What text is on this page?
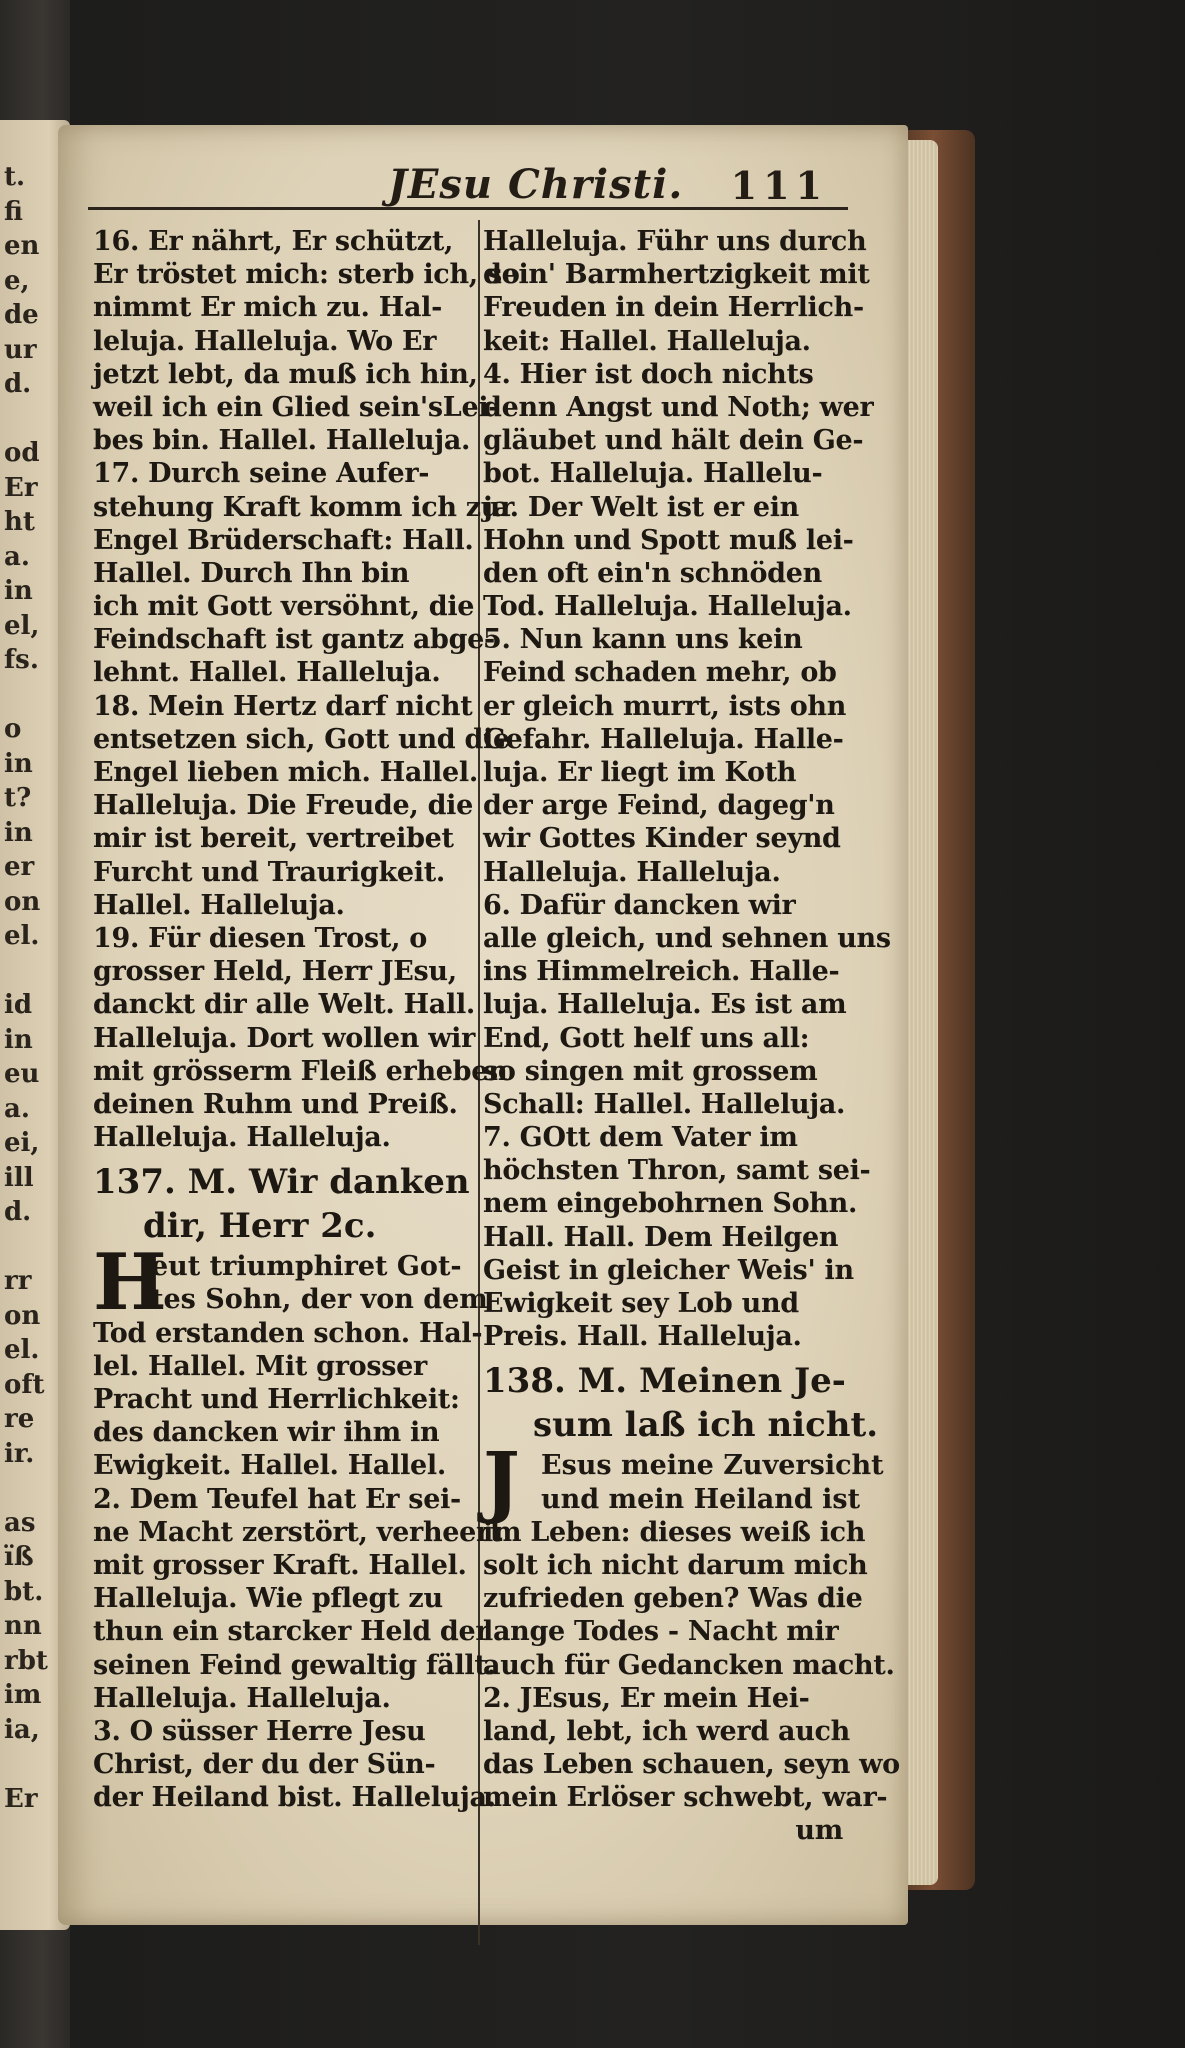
t.
fi
en
e,
de
ur
d.
od
Er
ht
a.
in
el,
fs.
o
in
t?
in
er
on
el.
id
in
eu
a.
ei,
ill
d.
rr
on
el.
oft
re
ir.
as
ïß
bt.
nn
rbt
im
ia,
Er
JEsu Christi. 111
16. Er nährt, Er schützt,
Er tröstet mich: sterb ich, so
nimmt Er mich zu. Hal-
leluja. Halleluja. Wo Er
jetzt lebt, da muß ich hin,
weil ich ein Glied sein'sLei-
bes bin. Hallel. Halleluja.
17. Durch seine Aufer-
stehung Kraft komm ich zur
Engel Brüderschaft: Hall.
Hallel. Durch Ihn bin
ich mit Gott versöhnt, die
Feindschaft ist gantz abge-
lehnt. Hallel. Halleluja.
18. Mein Hertz darf nicht
entsetzen sich, Gott und die
Engel lieben mich. Hallel.
Halleluja. Die Freude, die
mir ist bereit, vertreibet
Furcht und Traurigkeit.
Hallel. Halleluja.
19. Für diesen Trost, o
grosser Held, Herr JEsu,
danckt dir alle Welt. Hall.
Halleluja. Dort wollen wir
mit grösserm Fleiß erheben
deinen Ruhm und Preiß.
Halleluja. Halleluja.
137. M. Wir danken
dir, Herr 2c.
H
eut triumphiret Got-
tes Sohn, der von dem
Tod erstanden schon. Hal-
lel. Hallel. Mit grosser
Pracht und Herrlichkeit:
des dancken wir ihm in
Ewigkeit. Hallel. Hallel.
2. Dem Teufel hat Er sei-
ne Macht zerstört, verheert
mit grosser Kraft. Hallel.
Halleluja. Wie pflegt zu
thun ein starcker Held der
seinen Feind gewaltig fällt.
Halleluja. Halleluja.
3. O süsser Herre Jesu
Christ, der du der Sün-
der Heiland bist. Halleluja.
Halleluja. Führ uns durch
dein' Barmhertzigkeit mit
Freuden in dein Herrlich-
keit: Hallel. Halleluja.
4. Hier ist doch nichts
denn Angst und Noth; wer
gläubet und hält dein Ge-
bot. Halleluja. Hallelu-
ja. Der Welt ist er ein
Hohn und Spott muß lei-
den oft ein'n schnöden
Tod. Halleluja. Halleluja.
5. Nun kann uns kein
Feind schaden mehr, ob
er gleich murrt, ists ohn
Gefahr. Halleluja. Halle-
luja. Er liegt im Koth
der arge Feind, dageg'n
wir Gottes Kinder seynd
Halleluja. Halleluja.
6. Dafür dancken wir
alle gleich, und sehnen uns
ins Himmelreich. Halle-
luja. Halleluja. Es ist am
End, Gott helf uns all:
so singen mit grossem
Schall: Hallel. Halleluja.
7. GOtt dem Vater im
höchsten Thron, samt sei-
nem eingebohrnen Sohn.
Hall. Hall. Dem Heilgen
Geist in gleicher Weis' in
Ewigkeit sey Lob und
Preis. Hall. Halleluja.
138. M. Meinen Je-
sum laß ich nicht.
J Esus meine Zuversicht
und mein Heiland ist
im Leben: dieses weiß ich
solt ich nicht darum mich
zufrieden geben? Was die
lange Todes - Nacht mir
auch für Gedancken macht.
2. JEsus, Er mein Hei-
land, lebt, ich werd auch
das Leben schauen, seyn wo
mein Erlöser schwebt, war-
um
